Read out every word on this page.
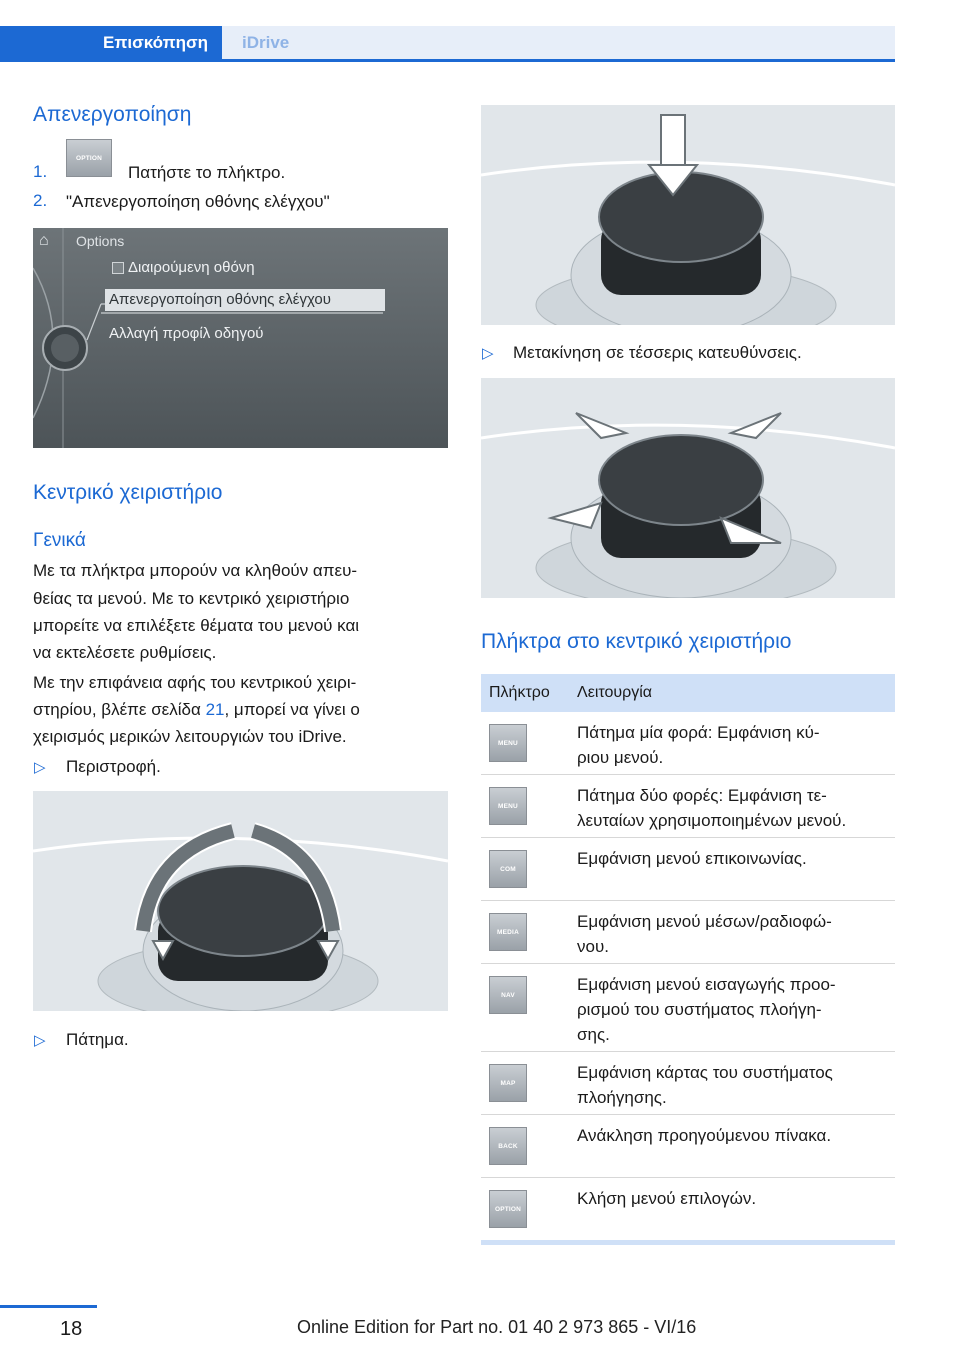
Επισκόπηση	iDrive
Απενεργοποίηση
1.
OPTION
Πατήστε το πλήκτρο.
2. "Απενεργοποίηση οθόνης ελέγχου"
⌂ Options
Διαιρούμενη οθόνη
Απενεργοποίηση οθόνης ελέγχου
Αλλαγή προφίλ οδηγού
Κεντρικό χειριστήριο
Γενικά
Με τα πλήκτρα μπορούν να κληθούν απευ-
θείας τα μενού. Με το κεντρικό χειριστήριο
μπορείτε να επιλέξετε θέματα του μενού και
να εκτελέσετε ρυθμίσεις.
Με την επιφάνεια αφής του κεντρικού χειρι-
στηρίου, βλέπε σελίδα 21, μπορεί να γίνει ο
χειρισμός μερικών λειτουργιών του iDrive.
▷ Περιστροφή.
▷ Πάτημα.
▷ Μετακίνηση σε τέσσερις κατευθύνσεις.
Πλήκτρα στο κεντρικό χειριστήριο
Πλήκτρο	Λειτουργία
MENU
Πάτημα μία φορά: Εμφάνιση κύ-
ριου μενού.
MENU
Πάτημα δύο φορές: Εμφάνιση τε-
λευταίων χρησιμοποιημένων μενού.
COM
Εμφάνιση μενού επικοινωνίας.
MEDIA
Εμφάνιση μενού μέσων/ραδιοφώ-
νου.
NAV
Εμφάνιση μενού εισαγωγής προο-
ρισμού του συστήματος πλοήγη-
σης.
MAP
Εμφάνιση κάρτας του συστήματος
πλοήγησης.
BACK
Ανάκληση προηγούμενου πίνακα.
OPTION
Κλήση μενού επιλογών.
18	Online Edition for Part no. 01 40 2 973 865 - VI/16
